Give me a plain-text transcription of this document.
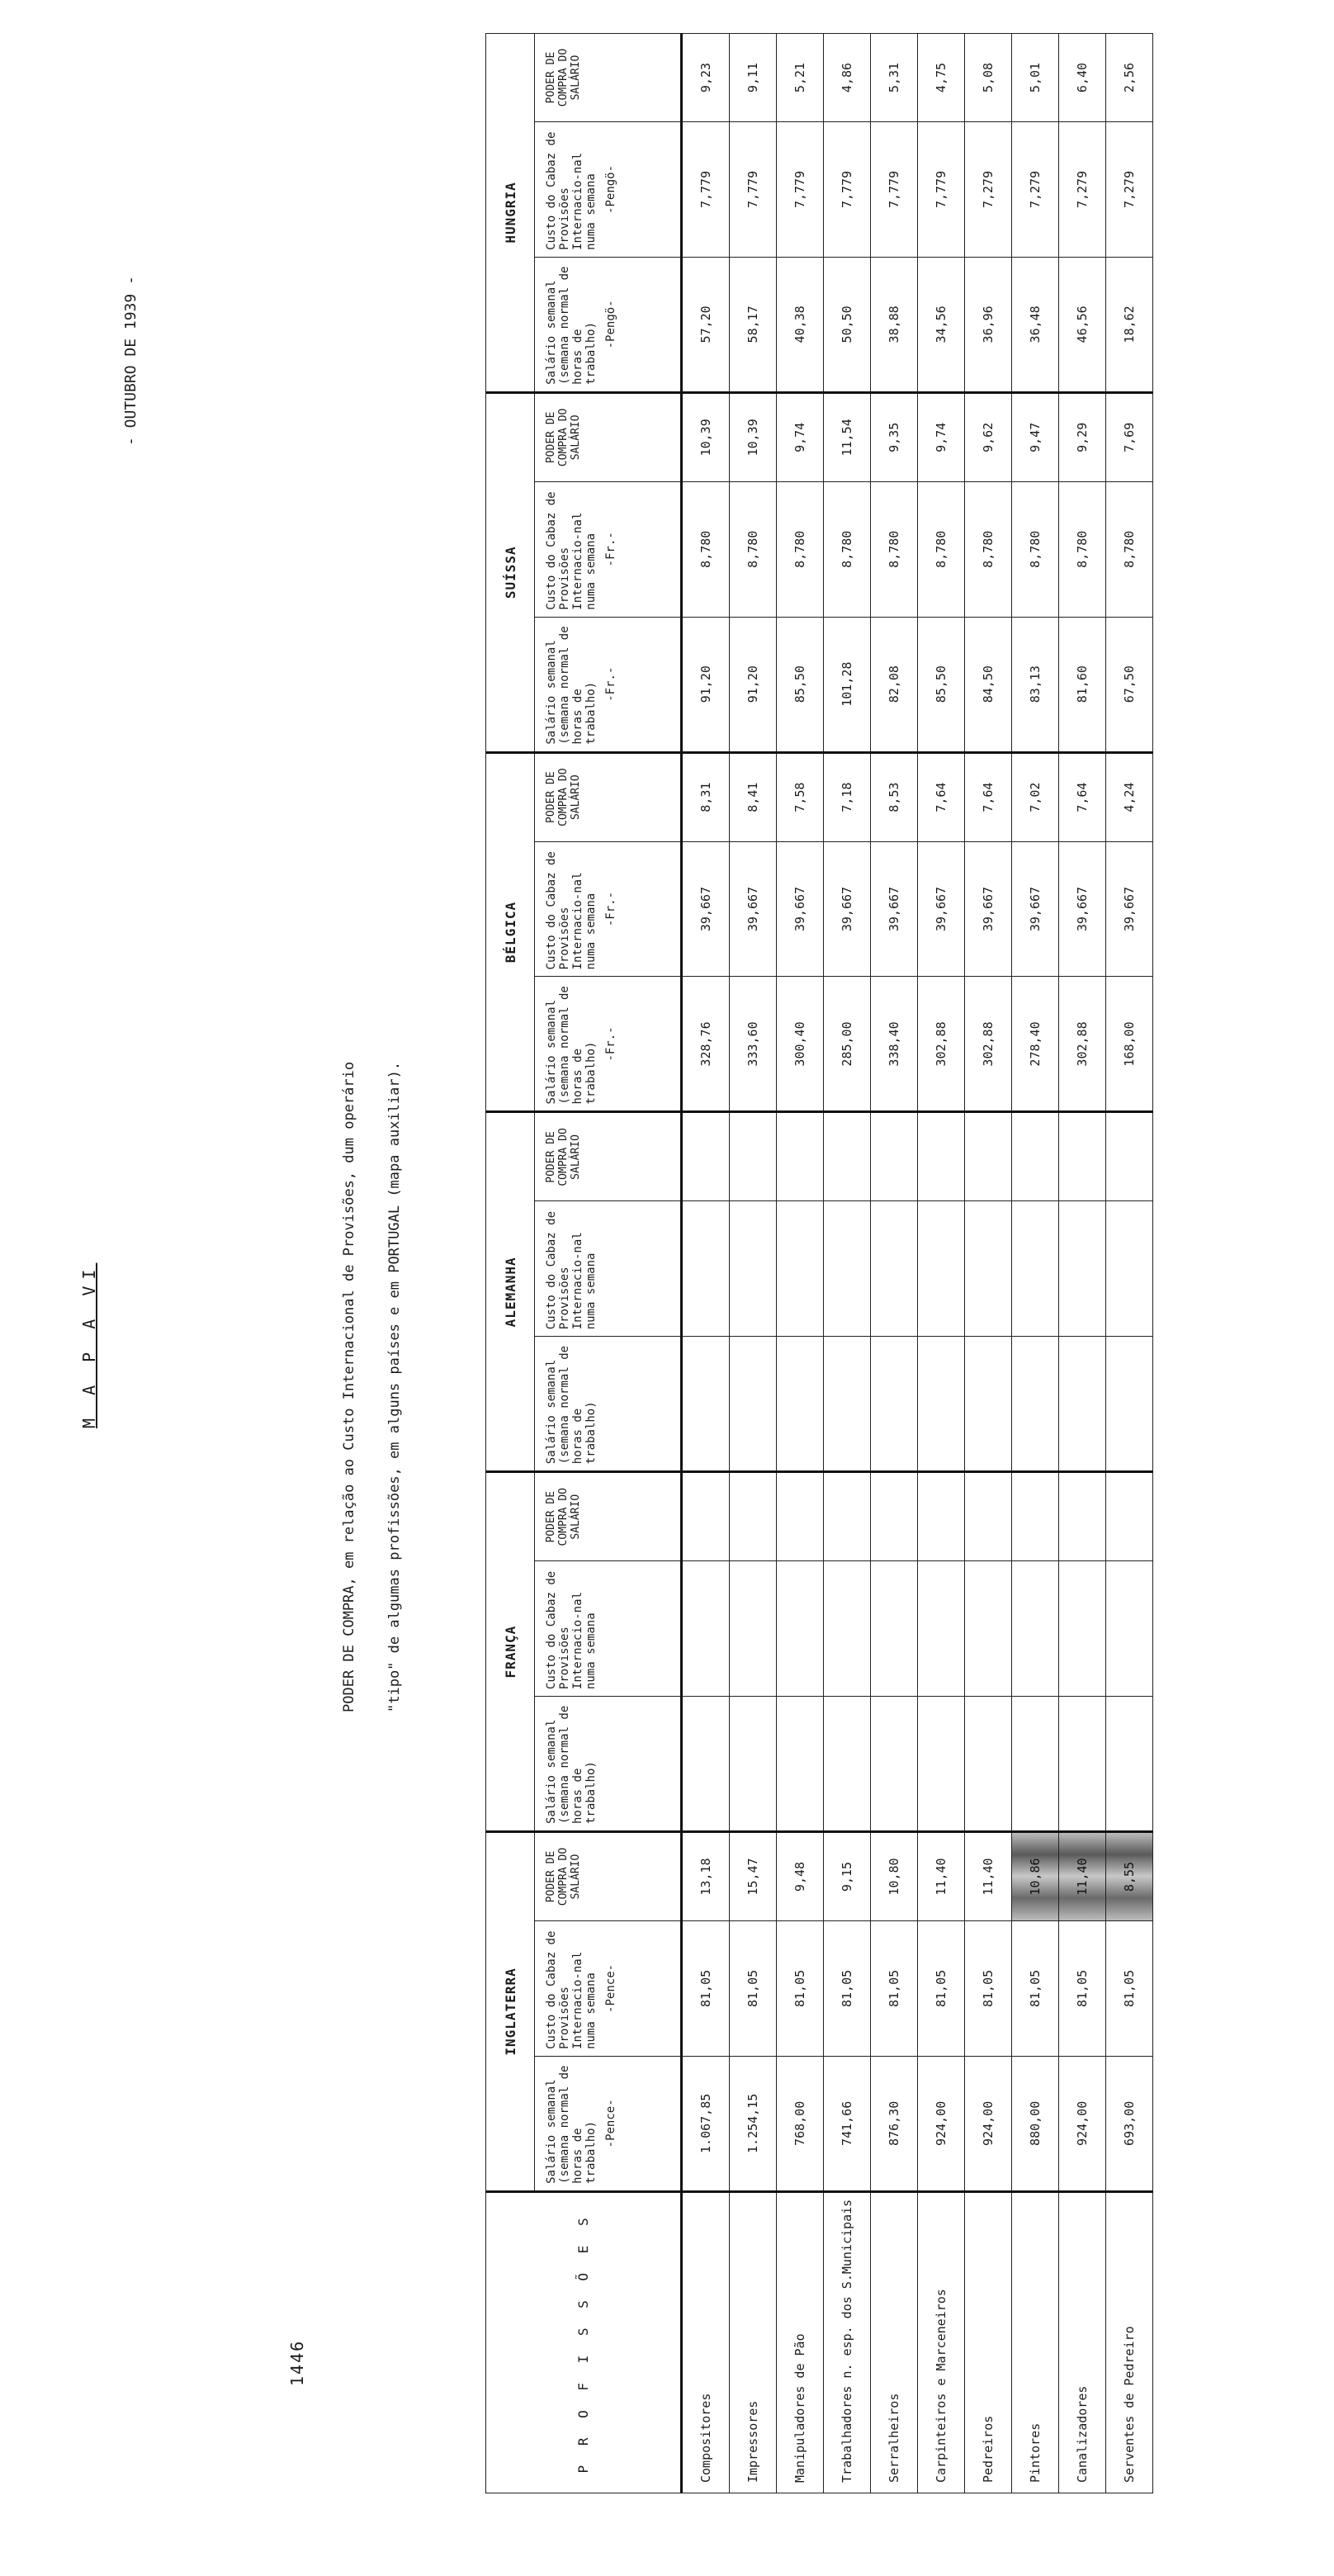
1446
M A P A VI
- OUTUBRO DE 1939 -
PODER DE COMPRA, em relação ao Custo Internacional de Provisões, dum operário "tipo" de algumas profissões, em alguns países e em PORTUGAL (mapa auxiliar).
P R O F I S S Õ E S	INGLATERRA			FRANÇA			ALEMANHA			BÉLGICA			SUÍSSA			HUNGRIA		
	Salário semanal (semana normal de horas de trabalho) -Pence-	Custo do Cabaz de Provisões Internacio-nal numa semana -Pence-	PODER DE COMPRA DO SALÁRIO	Salário semanal (semana normal de horas de trabalho)	Custo do Cabaz de Provisões Internacio-nal numa semana	PODER DE COMPRA DO SALÁRIO	Salário semanal (semana normal de horas de trabalho)	Custo do Cabaz de Provisões Internacio-nal numa semana	PODER DE COMPRA DO SALÁRIO	Salário semanal (semana normal de horas de trabalho) -Fr.-	Custo do Cabaz de Provisões Internacio-nal numa semana -Fr.-	PODER DE COMPRA DO SALÁRIO	Salário semanal (semana normal de horas de trabalho) -Fr.-	Custo do Cabaz de Provisões Internacio-nal numa semana -Fr.-	PODER DE COMPRA DO SALÁRIO	Salário semanal (semana normal de horas de trabalho) -Pengö-	Custo do Cabaz de Provisões Internacio-nal numa semana -Pengö-	PODER DE COMPRA DO SALÁRIO
Compositores	1.067,85	81,05	13,18							328,76	39,667	8,31	91,20	8,780	10,39	57,20	7,779	9,23
Impressores	1.254,15	81,05	15,47							333,60	39,667	8,41	91,20	8,780	10,39	58,17	7,779	9,11
Manipuladores de Pão	768,00	81,05	9,48							300,40	39,667	7,58	85,50	8,780	9,74	40,38	7,779	5,21
Trabalhadores n. esp. dos S.Municipais	741,66	81,05	9,15							285,00	39,667	7,18	101,28	8,780	11,54	50,50	7,779	4,86
Serralheiros	876,30	81,05	10,80							338,40	39,667	8,53	82,08	8,780	9,35	38,88	7,779	5,31
Carpinteiros e Marceneiros	924,00	81,05	11,40							302,88	39,667	7,64	85,50	8,780	9,74	34,56	7,779	4,75
Pedreiros	924,00	81,05	11,40							302,88	39,667	7,64	84,50	8,780	9,62	36,96	7,279	5,08
Pintores	880,00	81,05	10,86							278,40	39,667	7,02	83,13	8,780	9,47	36,48	7,279	5,01
Canalizadores	924,00	81,05	11,40							302,88	39,667	7,64	81,60	8,780	9,29	46,56	7,279	6,40
Serventes de Pedreiro	693,00	81,05	8,55							168,00	39,667	4,24	67,50	8,780	7,69	18,62	7,279	2,56
